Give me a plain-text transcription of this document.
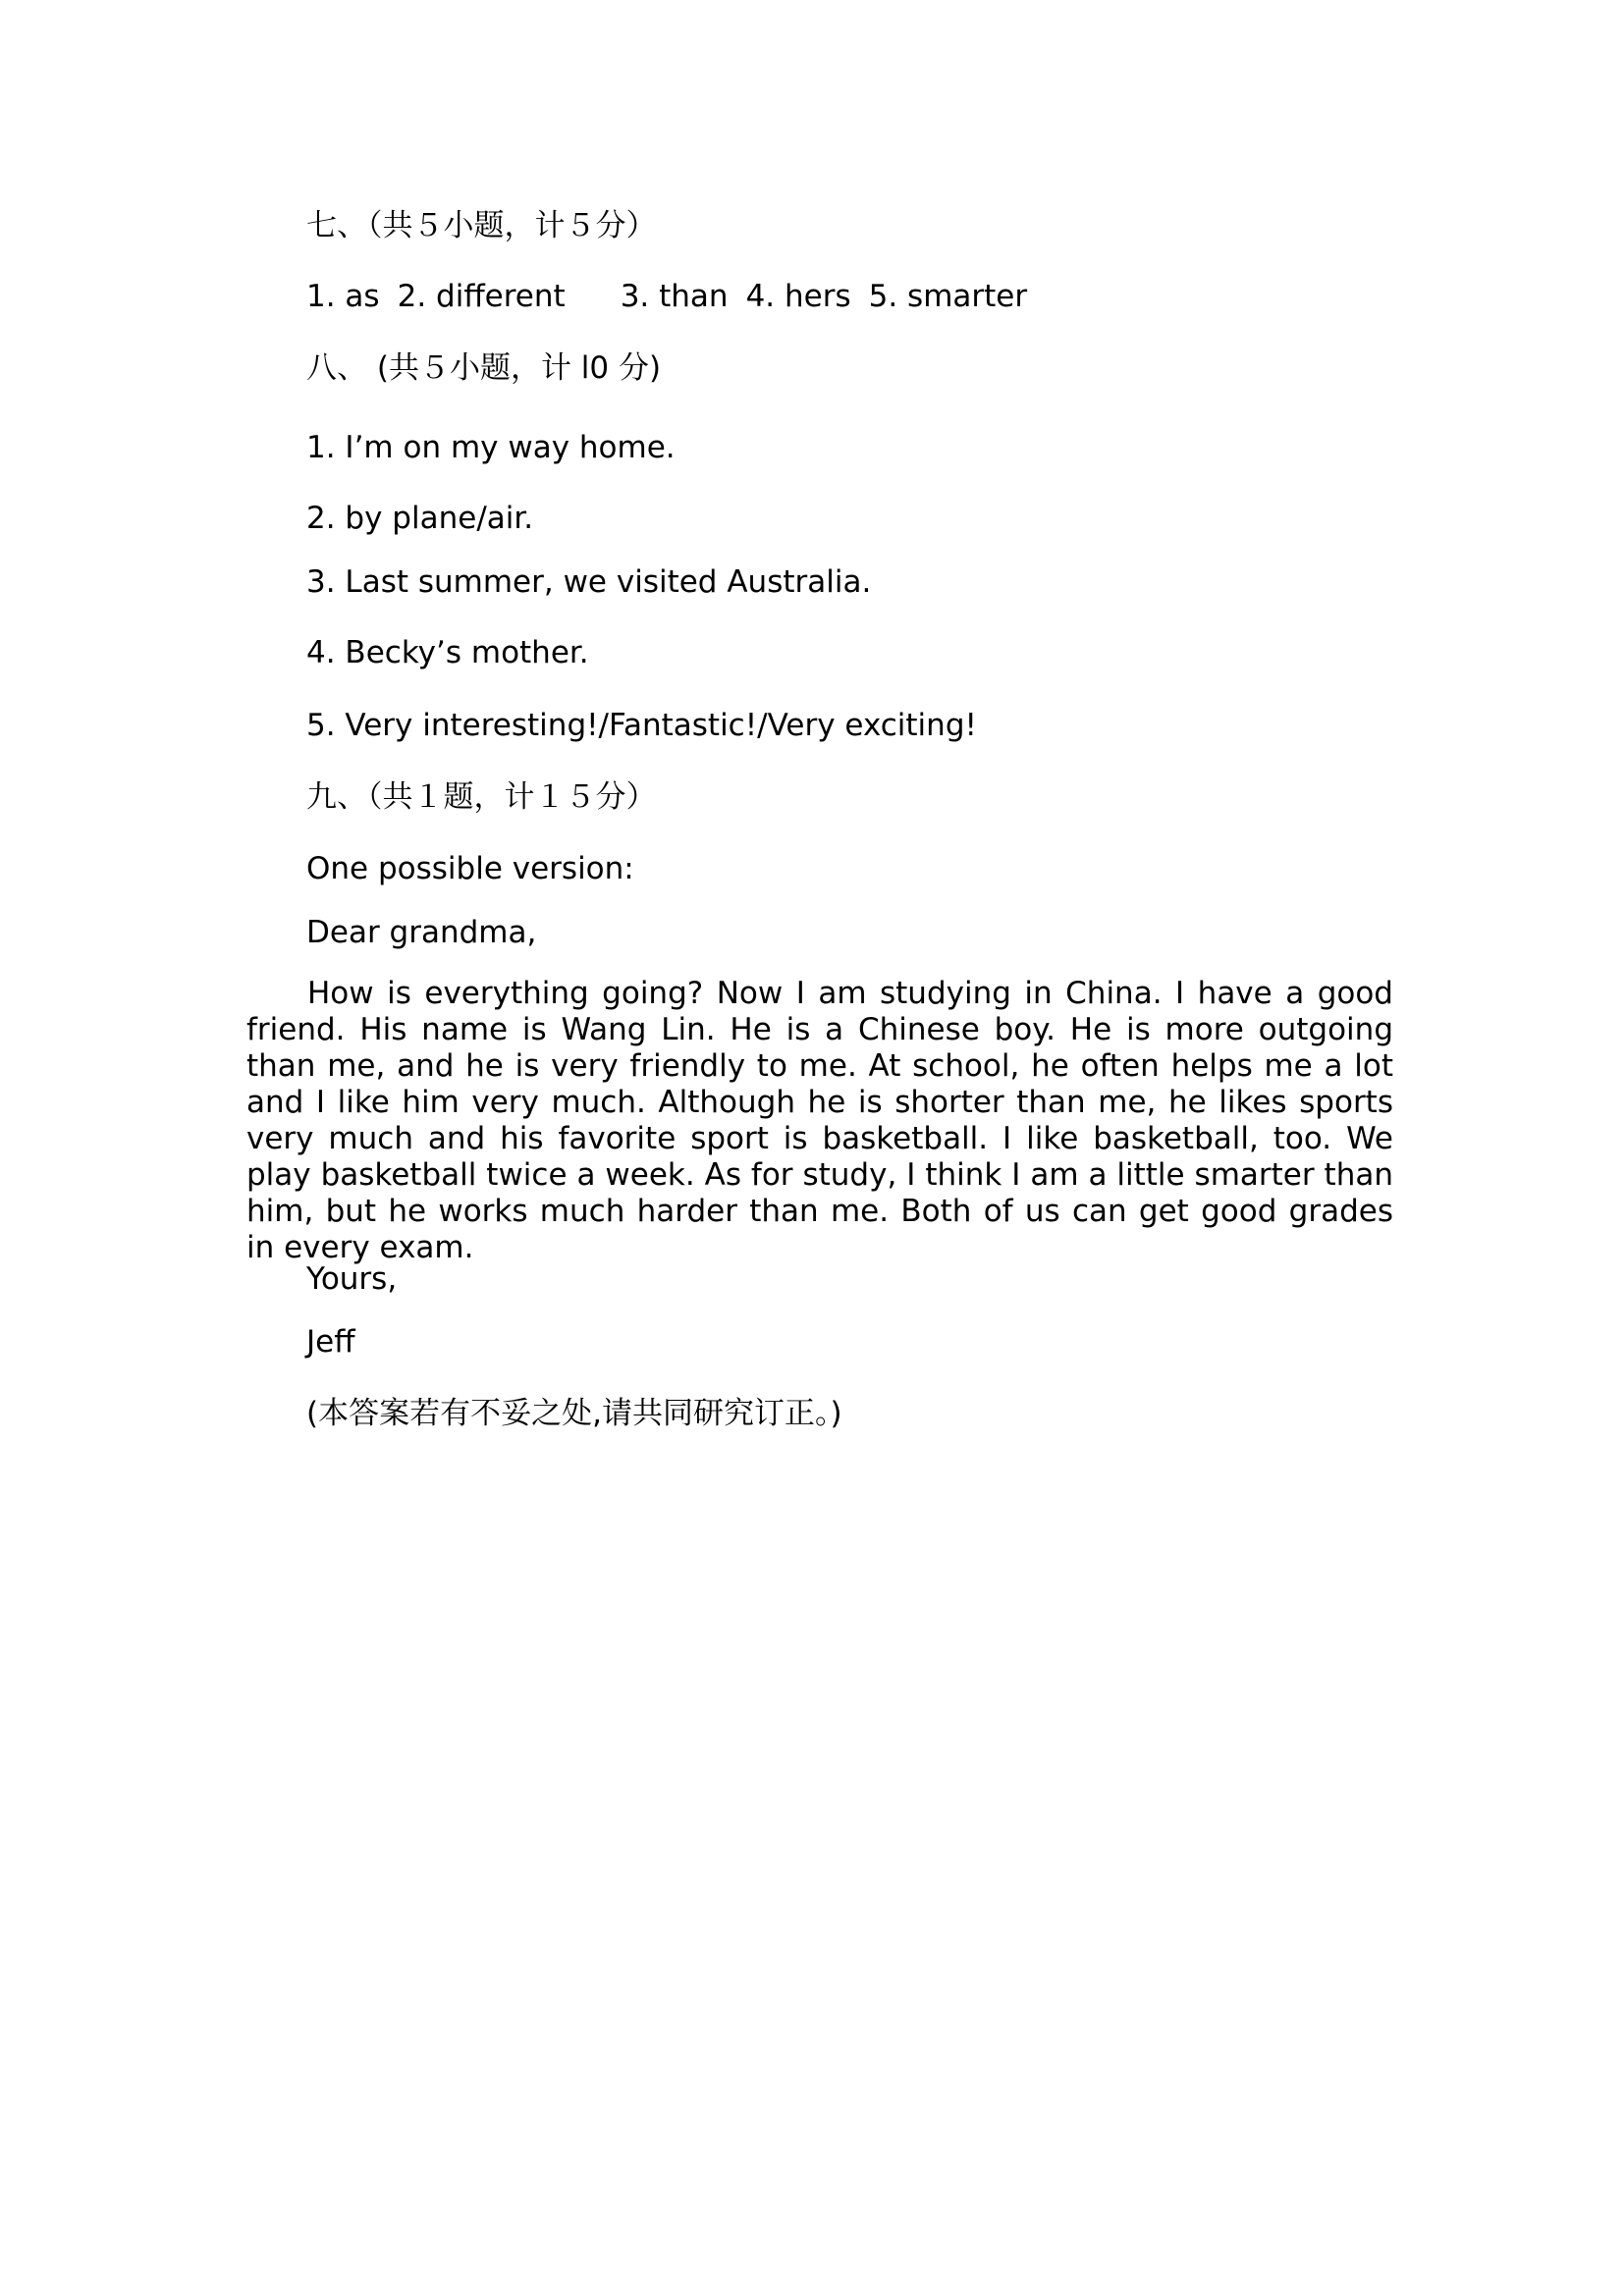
七、（共５小题，计５分）
1. as 2. different 3. than 4. hers 5. smarter
八、 (共５小题，计 l0 分)
1. I’m on my way home.
2. by plane/air.
3. Last summer, we visited Australia.
4. Becky’s mother.
5. Very interesting!/Fantastic!/Very exciting!
九、（共１题，计１５分）
One possible version:
Dear grandma,

How is everything going? Now I am studying in China. I have a good friend. His name is Wang Lin. He is a Chinese boy. He is more outgoing than me, and he is very friendly to me. At school, he often helps me a lot and I like him very much. Although he is shorter than me, he likes sports very much and his favorite sport is basketball. I like basketball, too. We play basketball twice a week. As for study, I think I am a little smarter than him, but he works much harder than me. Both of us can get good grades in every exam.

Yours,
Jeff
(本答案若有不妥之处,请共同研究订正。)
